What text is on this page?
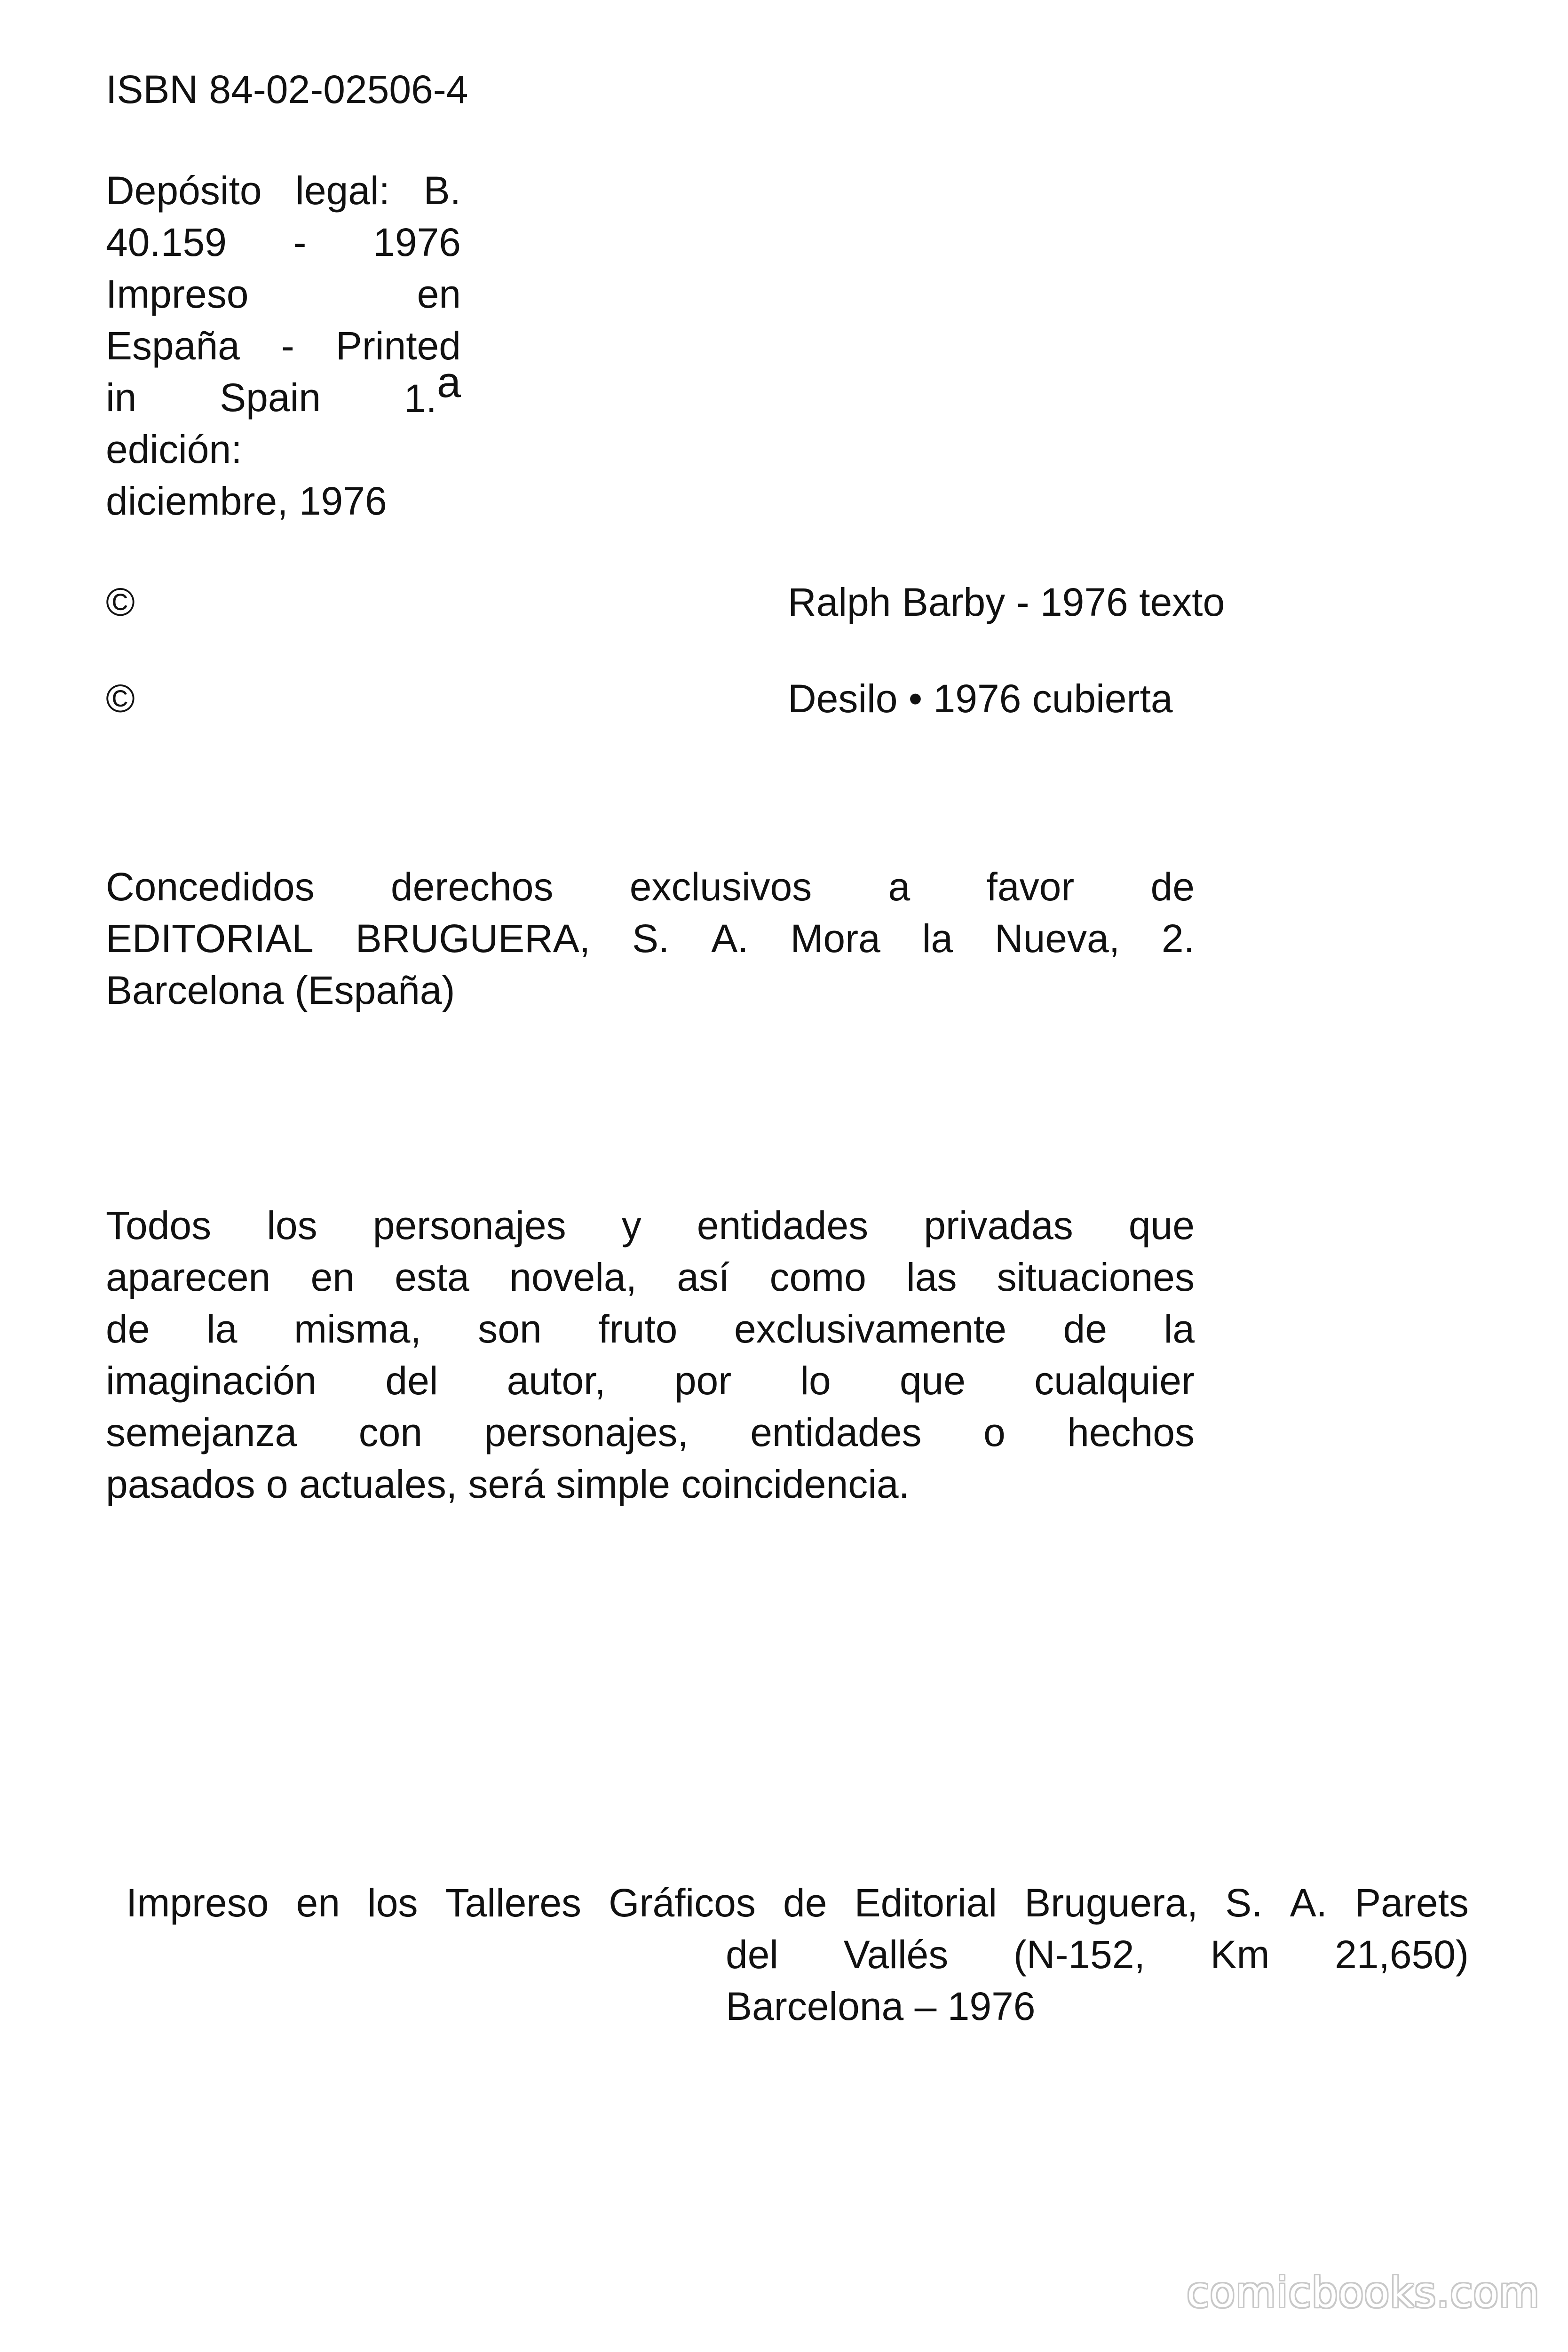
ISBN 84-02-02506-4
Depósito legal: B.
40.159 - 1976
Impreso	en
España - Printed
in Spain 1.a
edición:
diciembre, 1976
©	Ralph Barby - 1976 texto
©	Desilo • 1976 cubierta
Concedidos derechos exclusivos a favor de
EDITORIAL BRUGUERA, S. A. Mora la Nueva, 2.
Barcelona (España)
Todos los personajes y entidades privadas que
aparecen en esta novela, así como las situaciones
de la misma, son fruto exclusivamente de la
imaginación del autor, por lo que cualquier
semejanza con personajes, entidades o hechos
pasados o actuales, será simple coincidencia.
Impreso en los Talleres Gráficos de Editorial Bruguera, S. A. Parets
del Vallés (N-152, Km 21,650)
Barcelona – 1976
comicbooks.com
